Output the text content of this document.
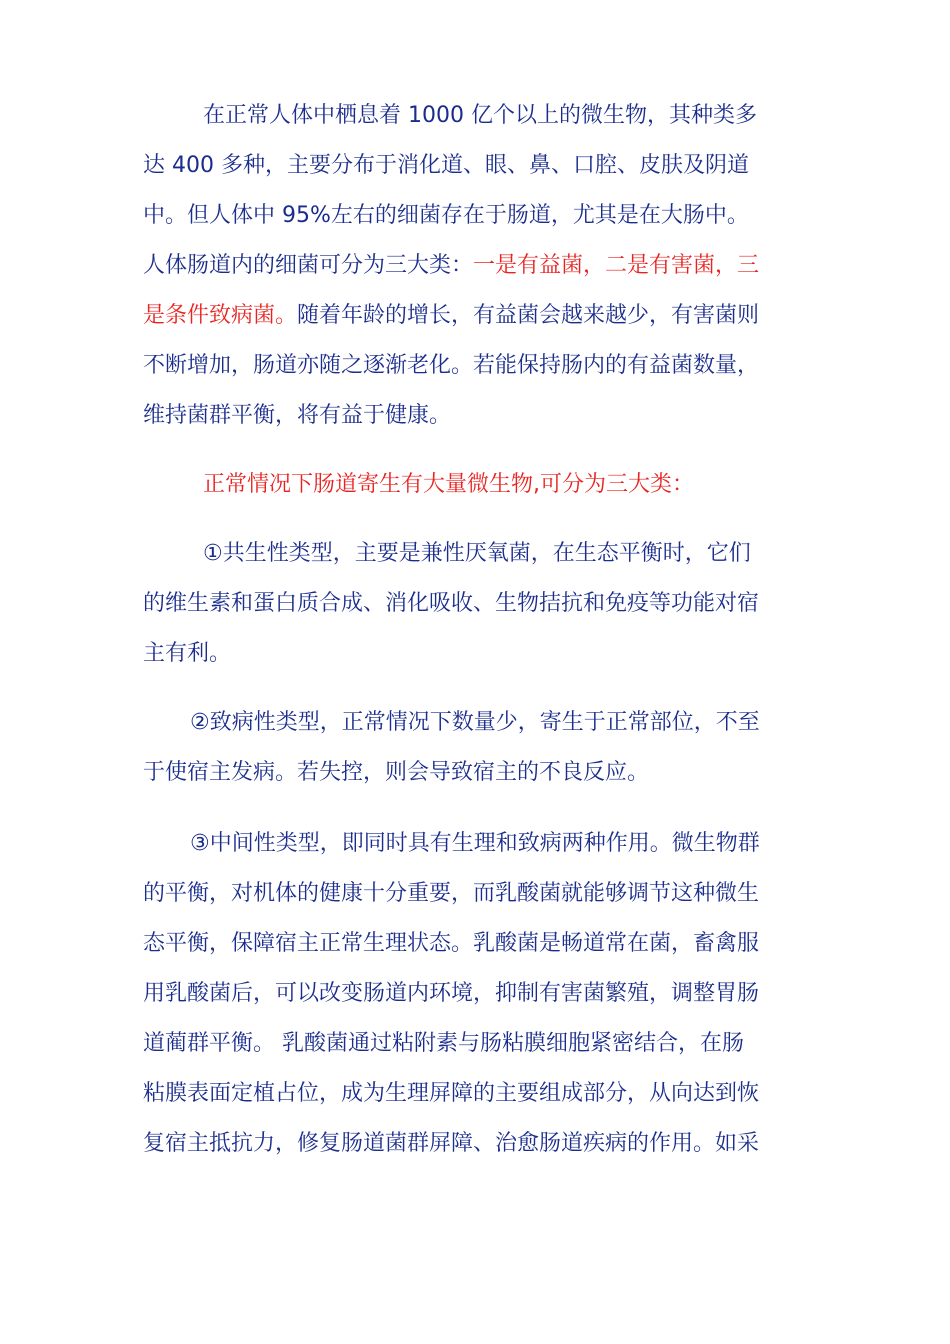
在正常人体中栖息着 1000 亿个以上的微生物，其种类多
达 400 多种，主要分布于消化道、眼、鼻、口腔、皮肤及阴道
中。但人体中 95%左右的细菌存在于肠道，尤其是在大肠中。
人体肠道内的细菌可分为三大类：一是有益菌，二是有害菌，三
是条件致病菌。随着年龄的增长，有益菌会越来越少，有害菌则
不断增加，肠道亦随之逐渐老化。若能保持肠内的有益菌数量，
维持菌群平衡，将有益于健康。
正常情况下肠道寄生有大量微生物,可分为三大类：
①共生性类型，主要是兼性厌氧菌，在生态平衡时，它们
的维生素和蛋白质合成、消化吸收、生物拮抗和免疫等功能对宿
主有利。
②致病性类型，正常情况下数量少，寄生于正常部位，不至
于使宿主发病。若失控，则会导致宿主的不良反应。
③中间性类型，即同时具有生理和致病两种作用。微生物群
的平衡，对机体的健康十分重要，而乳酸菌就能够调节这种微生
态平衡，保障宿主正常生理状态。乳酸菌是畅道常在菌，畜禽服
用乳酸菌后，可以改变肠道内环境，抑制有害菌繁殖，调整胃肠
道蔺群平衡。 乳酸菌通过粘附素与肠粘膜细胞紧密结合，在肠
粘膜表面定植占位，成为生理屏障的主要组成部分，从向达到恢
复宿主抵抗力，修复肠道菌群屏障、治愈肠道疾病的作用。如采
